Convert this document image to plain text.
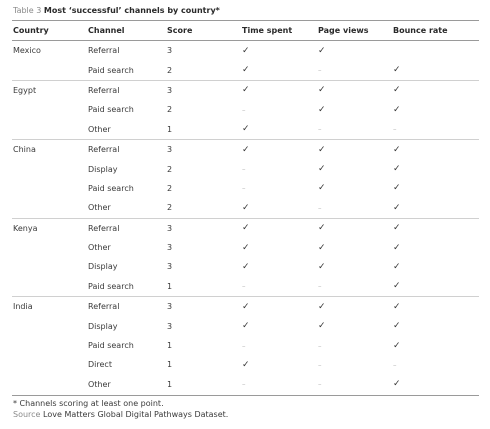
Table 3 Most ‘successful’ channels by country*
Country	Channel	Score	Time spent	Page views	Bounce rate
Mexico	Referral	3	✓	✓	
	Paid search	2	✓	–	✓
Egypt	Referral	3	✓	✓	✓
	Paid search	2	–	✓	✓
	Other	1	✓	–	–
China	Referral	3	✓	✓	✓
	Display	2	–	✓	✓
	Paid search	2	–	✓	✓
	Other	2	✓	–	✓
Kenya	Referral	3	✓	✓	✓
	Other	3	✓	✓	✓
	Display	3	✓	✓	✓
	Paid search	1	–	–	✓
India	Referral	3	✓	✓	✓
	Display	3	✓	✓	✓
	Paid search	1	–	–	✓
	Direct	1	✓	–	–
	Other	1	–	–	✓
* Channels scoring at least one point.
Source Love Matters Global Digital Pathways Dataset.
